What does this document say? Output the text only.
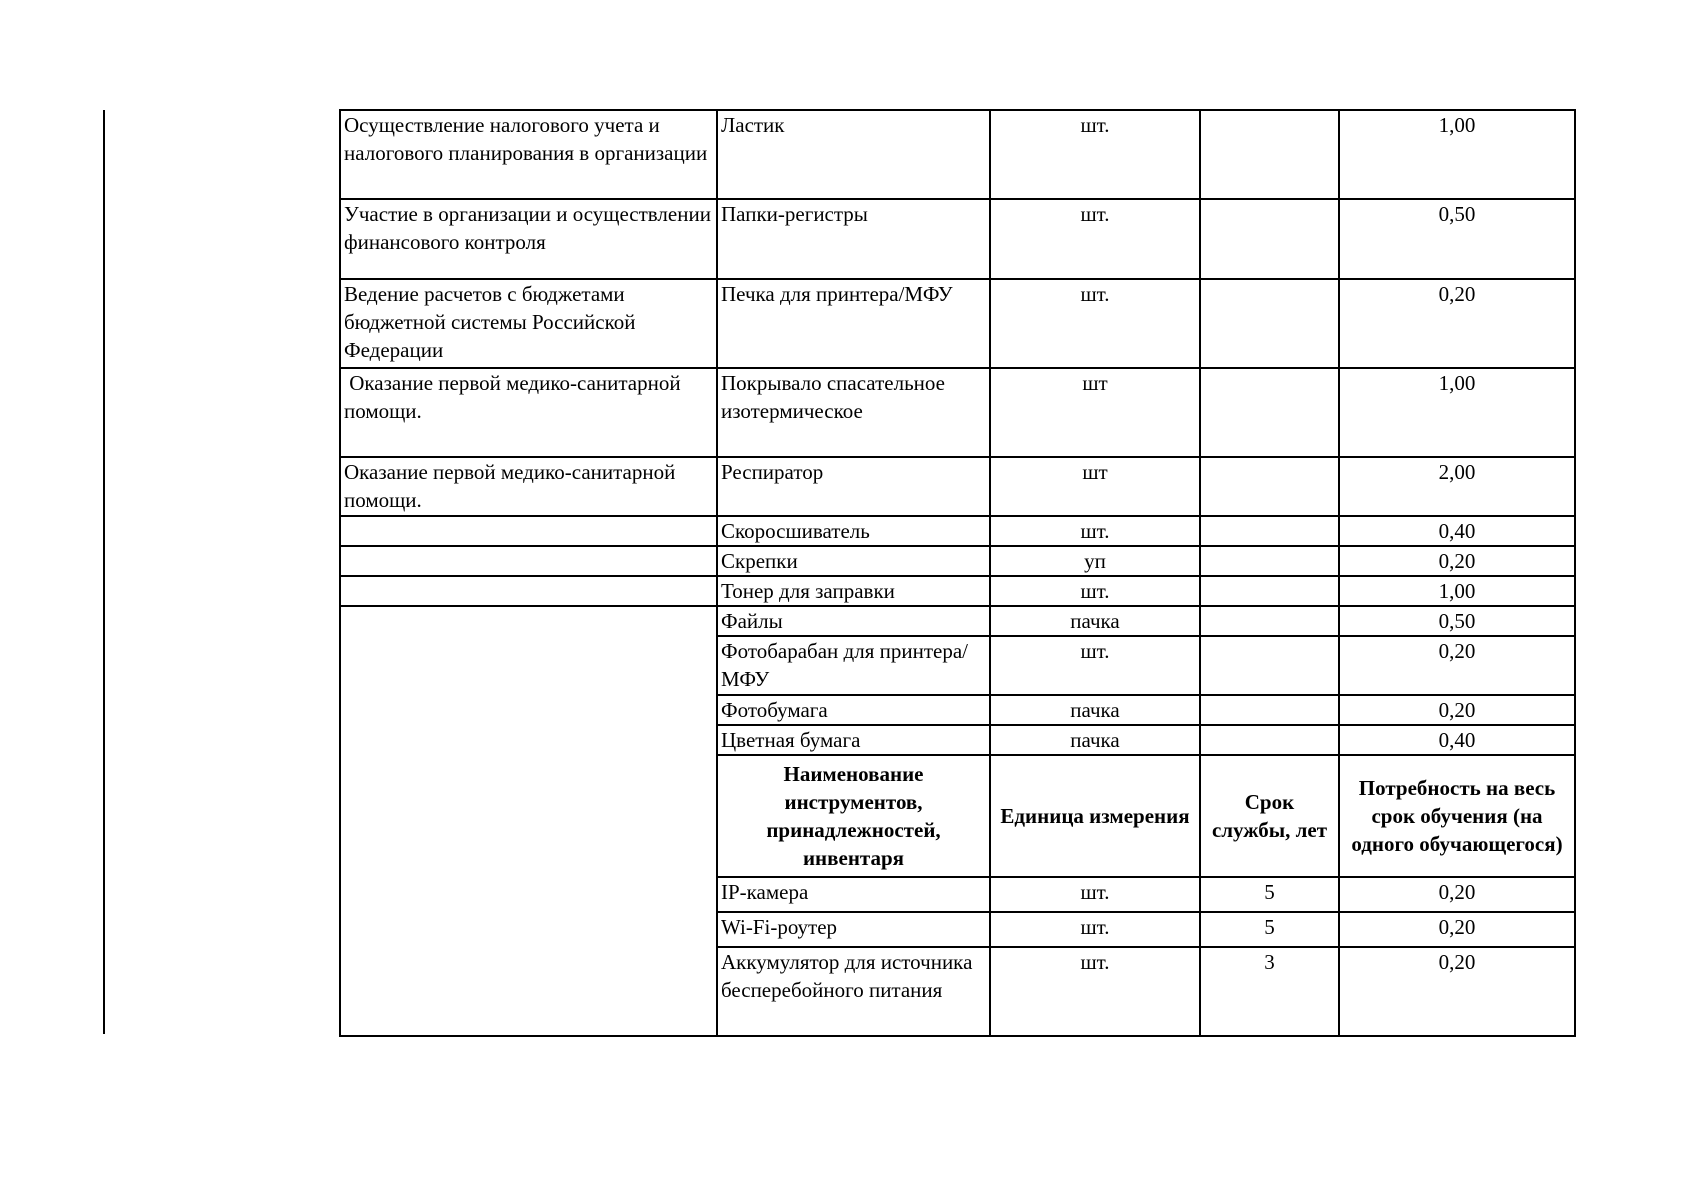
Осуществление налогового учета и налогового планирования в организации	Ластик	шт.		1,00
Участие в организации и осуществлении финансового контроля	Папки-регистры	шт.		0,50
Ведение расчетов с бюджетами бюджетной системы Российской Федерации	Печка для принтера/МФУ	шт.		0,20
Оказание первой медико-санитарной помощи.	Покрывало спасательное изотермическое	шт		1,00
Оказание первой медико-санитарной помощи.	Респиратор	шт		2,00
	Скоросшиватель	шт.		0,40
	Скрепки	уп		0,20
	Тонер для заправки	шт.		1,00
	Файлы	пачка		0,50
	Фотобарабан для принтера/МФУ	шт.		0,20
	Фотобумага	пачка		0,20
	Цветная бумага	пачка		0,40
	Наименование инструментов, принадлежностей, инвентаря	Единица измерения	Срок службы, лет	Потребность на весь срок обучения (на одного обучающегося)
	IP-камера	шт.	5	0,20
	Wi-Fi-роутер	шт.	5	0,20
	Аккумулятор для источника бесперебойного питания	шт.	3	0,20
